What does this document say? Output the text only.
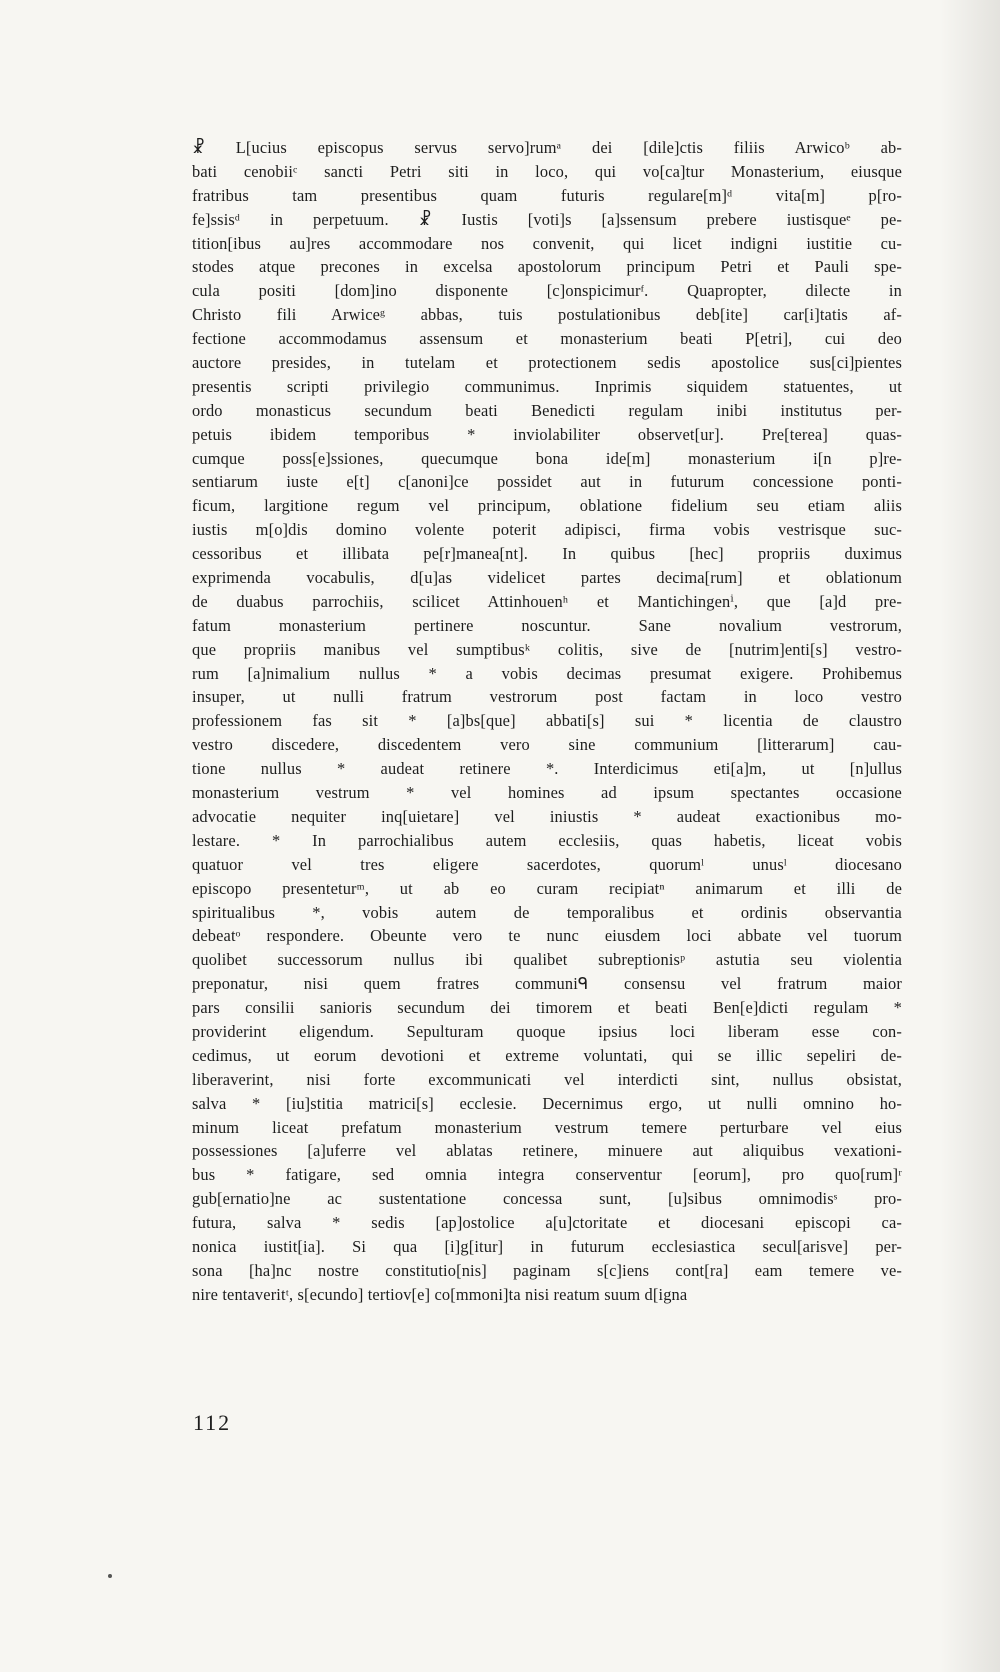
☧ L[ucius episcopus servus servo]rumᵃ dei [dile]ctis filiis Arwicoᵇ ab-
bati cenobiiᶜ sancti Petri siti in loco, qui vo[ca]tur Monasterium, eiusque
fratribus tam presentibus quam futuris regulare[m]ᵈ vita[m] p[ro-
fe]ssisᵈ in perpetuum. ☧ Iustis [voti]s [a]ssensum prebere iustisqueᵉ pe-
tition[ibus au]res accommodare nos convenit, qui licet indigni iustitie cu-
stodes atque precones in excelsa apostolorum principum Petri et Pauli spe-
cula positi [dom]ino disponente [c]onspicimurᶠ. Quapropter, dilecte in
Christo fili Arwiceᵍ abbas, tuis postulationibus deb[ite] car[i]tatis af-
fectione accommodamus assensum et monasterium beati P[etri], cui deo
auctore presides, in tutelam et protectionem sedis apostolice sus[ci]pientes
presentis scripti privilegio communimus. Inprimis siquidem statuentes, ut
ordo monasticus secundum beati Benedicti regulam inibi institutus per-
petuis ibidem temporibus * inviolabiliter observet[ur]. Pre[terea] quas-
cumque poss[e]ssiones, quecumque bona ide[m] monasterium i[n p]re-
sentiarum iuste e[t] c[anoni]ce possidet aut in futurum concessione ponti-
ficum, largitione regum vel principum, oblatione fidelium seu etiam aliis
iustis m[o]dis domino volente poterit adipisci, firma vobis vestrisque suc-
cessoribus et illibata pe[r]manea[nt]. In quibus [hec] propriis duximus
exprimenda vocabulis, d[u]as videlicet partes decima[rum] et oblationum
de duabus parrochiis, scilicet Attinhouenʰ et Mantichingenⁱ, que [a]d pre-
fatum monasterium pertinere noscuntur. Sane novalium vestrorum,
que propriis manibus vel sumptibusᵏ colitis, sive de [nutrim]enti[s] vestro-
rum [a]nimalium nullus * a vobis decimas presumat exigere. Prohibemus
insuper, ut nulli fratrum vestrorum post factam in loco vestro
professionem fas sit * [a]bs[que] abbati[s] sui * licentia de claustro
vestro discedere, discedentem vero sine communium [litterarum] cau-
tione nullus * audeat retinere *. Interdicimus eti[a]m, ut [n]ullus
monasterium vestrum * vel homines ad ipsum spectantes occasione
advocatie nequiter inq[uietare] vel iniustis * audeat exactionibus mo-
lestare. * In parrochialibus autem ecclesiis, quas habetis, liceat vobis
quatuor vel tres eligere sacerdotes, quorumˡ unusˡ diocesano
episcopo presenteturᵐ, ut ab eo curam recipiatⁿ animarum et illi de
spiritualibus *, vobis autem de temporalibus et ordinis observantia
debeatᵒ respondere. Obeunte vero te nunc eiusdem loci abbate vel tuorum
quolibet successorum nullus ibi qualibet subreptionisᵖ astutia seu violentia
preponatur, nisi quem fratres communiᑫ consensu vel fratrum maior
pars consilii sanioris secundum dei timorem et beati Ben[e]dicti regulam *
providerint eligendum. Sepulturam quoque ipsius loci liberam esse con-
cedimus, ut eorum devotioni et extreme voluntati, qui se illic sepeliri de-
liberaverint, nisi forte excommunicati vel interdicti sint, nullus obsistat,
salva * [iu]stitia matrici[s] ecclesie. Decernimus ergo, ut nulli omnino ho-
minum liceat prefatum monasterium vestrum temere perturbare vel eius
possessiones [a]uferre vel ablatas retinere, minuere aut aliquibus vexationi-
bus * fatigare, sed omnia integra conserventur [eorum], pro quo[rum]ʳ
gub[ernatio]ne ac sustentatione concessa sunt, [u]sibus omnimodisˢ pro-
futura, salva * sedis [ap]ostolice a[u]ctoritate et diocesani episcopi ca-
nonica iustit[ia]. Si qua [i]g[itur] in futurum ecclesiastica secul[arisve] per-
sona [ha]nc nostre constitutio[nis] paginam s[c]iens cont[ra] eam temere ve-
nire tentaveritᵗ, s[ecundo] tertiov[e] co[mmoni]ta nisi reatum suum d[igna
112
